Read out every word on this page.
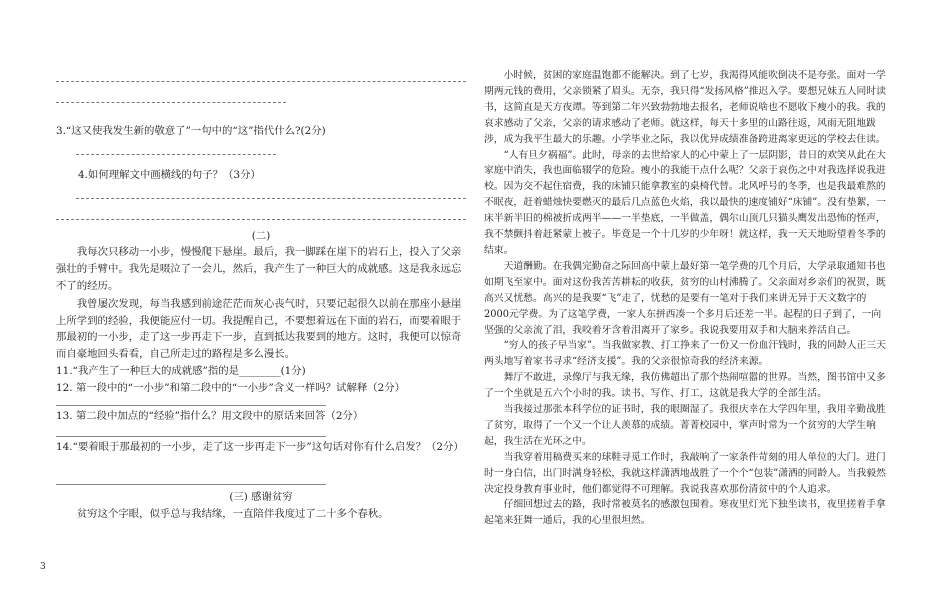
3.“这又使我发生新的敬意了”一句中的“这”指代什么?(2分)

4.如何理解文中画横线的句子？（3分）

(二)

我每次只移动一小步，慢慢爬下悬崖。最后，我一脚踩在崖下的岩石上，投入了父亲强壮的手臂中。我先是啜泣了一会儿，然后，我产生了一种巨大的成就感。这是我永远忘不了的经历。

我曾屡次发现，每当我感到前途茫茫而灰心丧气时，只要记起很久以前在那座小悬崖上所学到的经验，我便能应付一切。我提醒自己，不要想着远在下面的岩石，而要着眼于那最初的一小步，走了这一步再走下一步，直到抵达我要到的地方。这时，我便可以惊奇而自豪地回头看看，自己所走过的路程是多么漫长。

11.“我产生了一种巨大的成就感”指的是________(1分)

12. 第一段中的“一小步”和第二段中的“一小步”含义一样吗？试解释（2分）

13. 第二段中加点的“经验”指什么？用文段中的原话来回答（2分）

14.“要着眼于那最初的一小步，走了这一步再走下一步”这句话对你有什么启发？（2分）

(三) 感谢贫穷

贫穷这个字眼，似乎总与我结缘，一直陪伴我度过了二十多个春秋。

小时候，贫困的家庭温饱都不能解决。到了七岁，我渴得风能吹倒决不是夸张。面对一学期两元钱的费用，父亲锁紧了眉头。无奈，我只得“发扬风格”推迟入学。要想兄妹五人同时读书，这简直是天方夜谭。等到第二年兴致勃勃地去报名，老师说啥也不愿收下瘦小的我。我的哀求感动了父亲，父亲的请求感动了老师。就这样，每天十多里的山路往返，风雨无阻地跋涉，成为我平生最大的乐趣。小学毕业之际，我以优异成绩准备跨进离家更远的学校去住读。

“人有旦夕祸福”。此时，母亲的去世给家人的心中蒙上了一层阴影，昔日的欢笑从此在大家庭中消失，我也面临辍学的危险。瘦小的我能干点什么呢？父亲于哀伤之中对我选择说我进校。因为交不起住宿费，我的床铺只能拿教室的桌椅代替。北风呼号的冬季，也是我最难熬的不眠夜，赶着蜡烛快要燃灭的最后几点蓝色火焰，我以最快的速度铺好“床铺”。没有垫絮，一床半新半旧的棉被折成两半——一半垫底，一半做盖，偶尔山顶几只猫头鹰发出恐怖的怪声，我不禁颤抖着赶紧蒙上被子。毕竟是一个十几岁的少年呀！就这样，我一天天地盼望着冬季的结束。

天道酬勤。在我偶完勤奋之际回高中蒙上最好第一笔学费的几个月后，大学录取通知书也如期飞至家中。面对这份我苦苦耕耘的收获，贫穷的山村沸腾了。父亲面对乡亲们的祝贺，既高兴又忧愁。高兴的是我要“飞”走了，忧愁的是要有一笔对于我们来讲无异于天文数字的2000元学费。为了这笔学费，一家人东拼西凑一个多月后还差一半。起程的日子到了，一向坚强的父亲流了泪，我咬着牙含着泪离开了家乡。我说我要用双手和大脑来养活自己。

“穷人的孩子早当家”。当我做家教、打工挣来了一份又一份血汗钱时，我的同龄人正三天两头地写着家书寻求“经济支援”。我的父亲很惊奇我的经济来源。

舞厅不敢进，录像厅与我无缘，我仿佛超出了那个热闹喧嚣的世界。当然，图书馆中又多了一个坐就是五六个小时的我。读书、写作、打工，这就是我大学的全部生活。

当我接过那张本科学位的证书时，我的眼圈湿了。我很庆幸在大学四年里，我用辛勤战胜了贫穷，取得了一个又一个让人羡慕的成绩。菁菁校园中，掌声时常为一个贫穷的大学生响起，我生活在光环之中。

当我穿着用稿费买来的球鞋寻觅工作时，我敲响了一家条件苛刻的用人单位的大门。进门时一身白信，出门时满身轻松，我就这样潇洒地战胜了一个个“包装”潇洒的同龄人。当我毅然决定投身教育事业时，他们都觉得不可理解。我说我喜欢那份清贫中的个人追求。

仔细回想过去的路，我时常被莫名的感激包围着。寒夜里灯光下独坐读书，夜里搓着手拿起笔来狂舞一通后，我的心里很坦然。

3
